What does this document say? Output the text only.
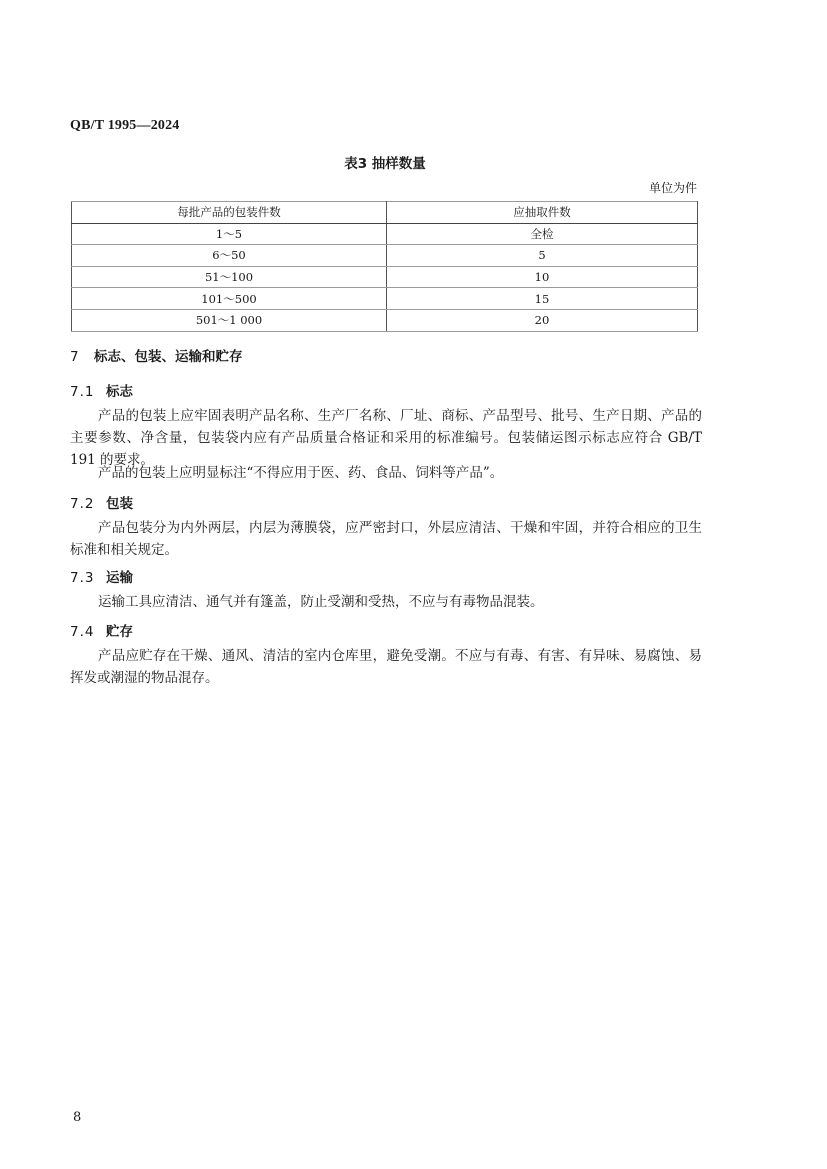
QB/T 1995—2024
表3 抽样数量
单位为件
每批产品的包装件数	应抽取件数
1～5	全检
6～50	5
51～100	10
101～500	15
501～1 000	20
7 标志、包装、运输和贮存
7.1 标志
产品的包装上应牢固表明产品名称、生产厂名称、厂址、商标、产品型号、批号、生产日期、产品的主要参数、净含量，包装袋内应有产品质量合格证和采用的标准编号。包装储运图示标志应符合 GB/T 191 的要求。
产品的包装上应明显标注“不得应用于医、药、食品、饲料等产品”。
7.2 包装
产品包装分为内外两层，内层为薄膜袋，应严密封口，外层应清洁、干燥和牢固，并符合相应的卫生标准和相关规定。
7.3 运输
运输工具应清洁、通气并有篷盖，防止受潮和受热，不应与有毒物品混装。
7.4 贮存
产品应贮存在干燥、通风、清洁的室内仓库里，避免受潮。不应与有毒、有害、有异味、易腐蚀、易挥发或潮湿的物品混存。
8
